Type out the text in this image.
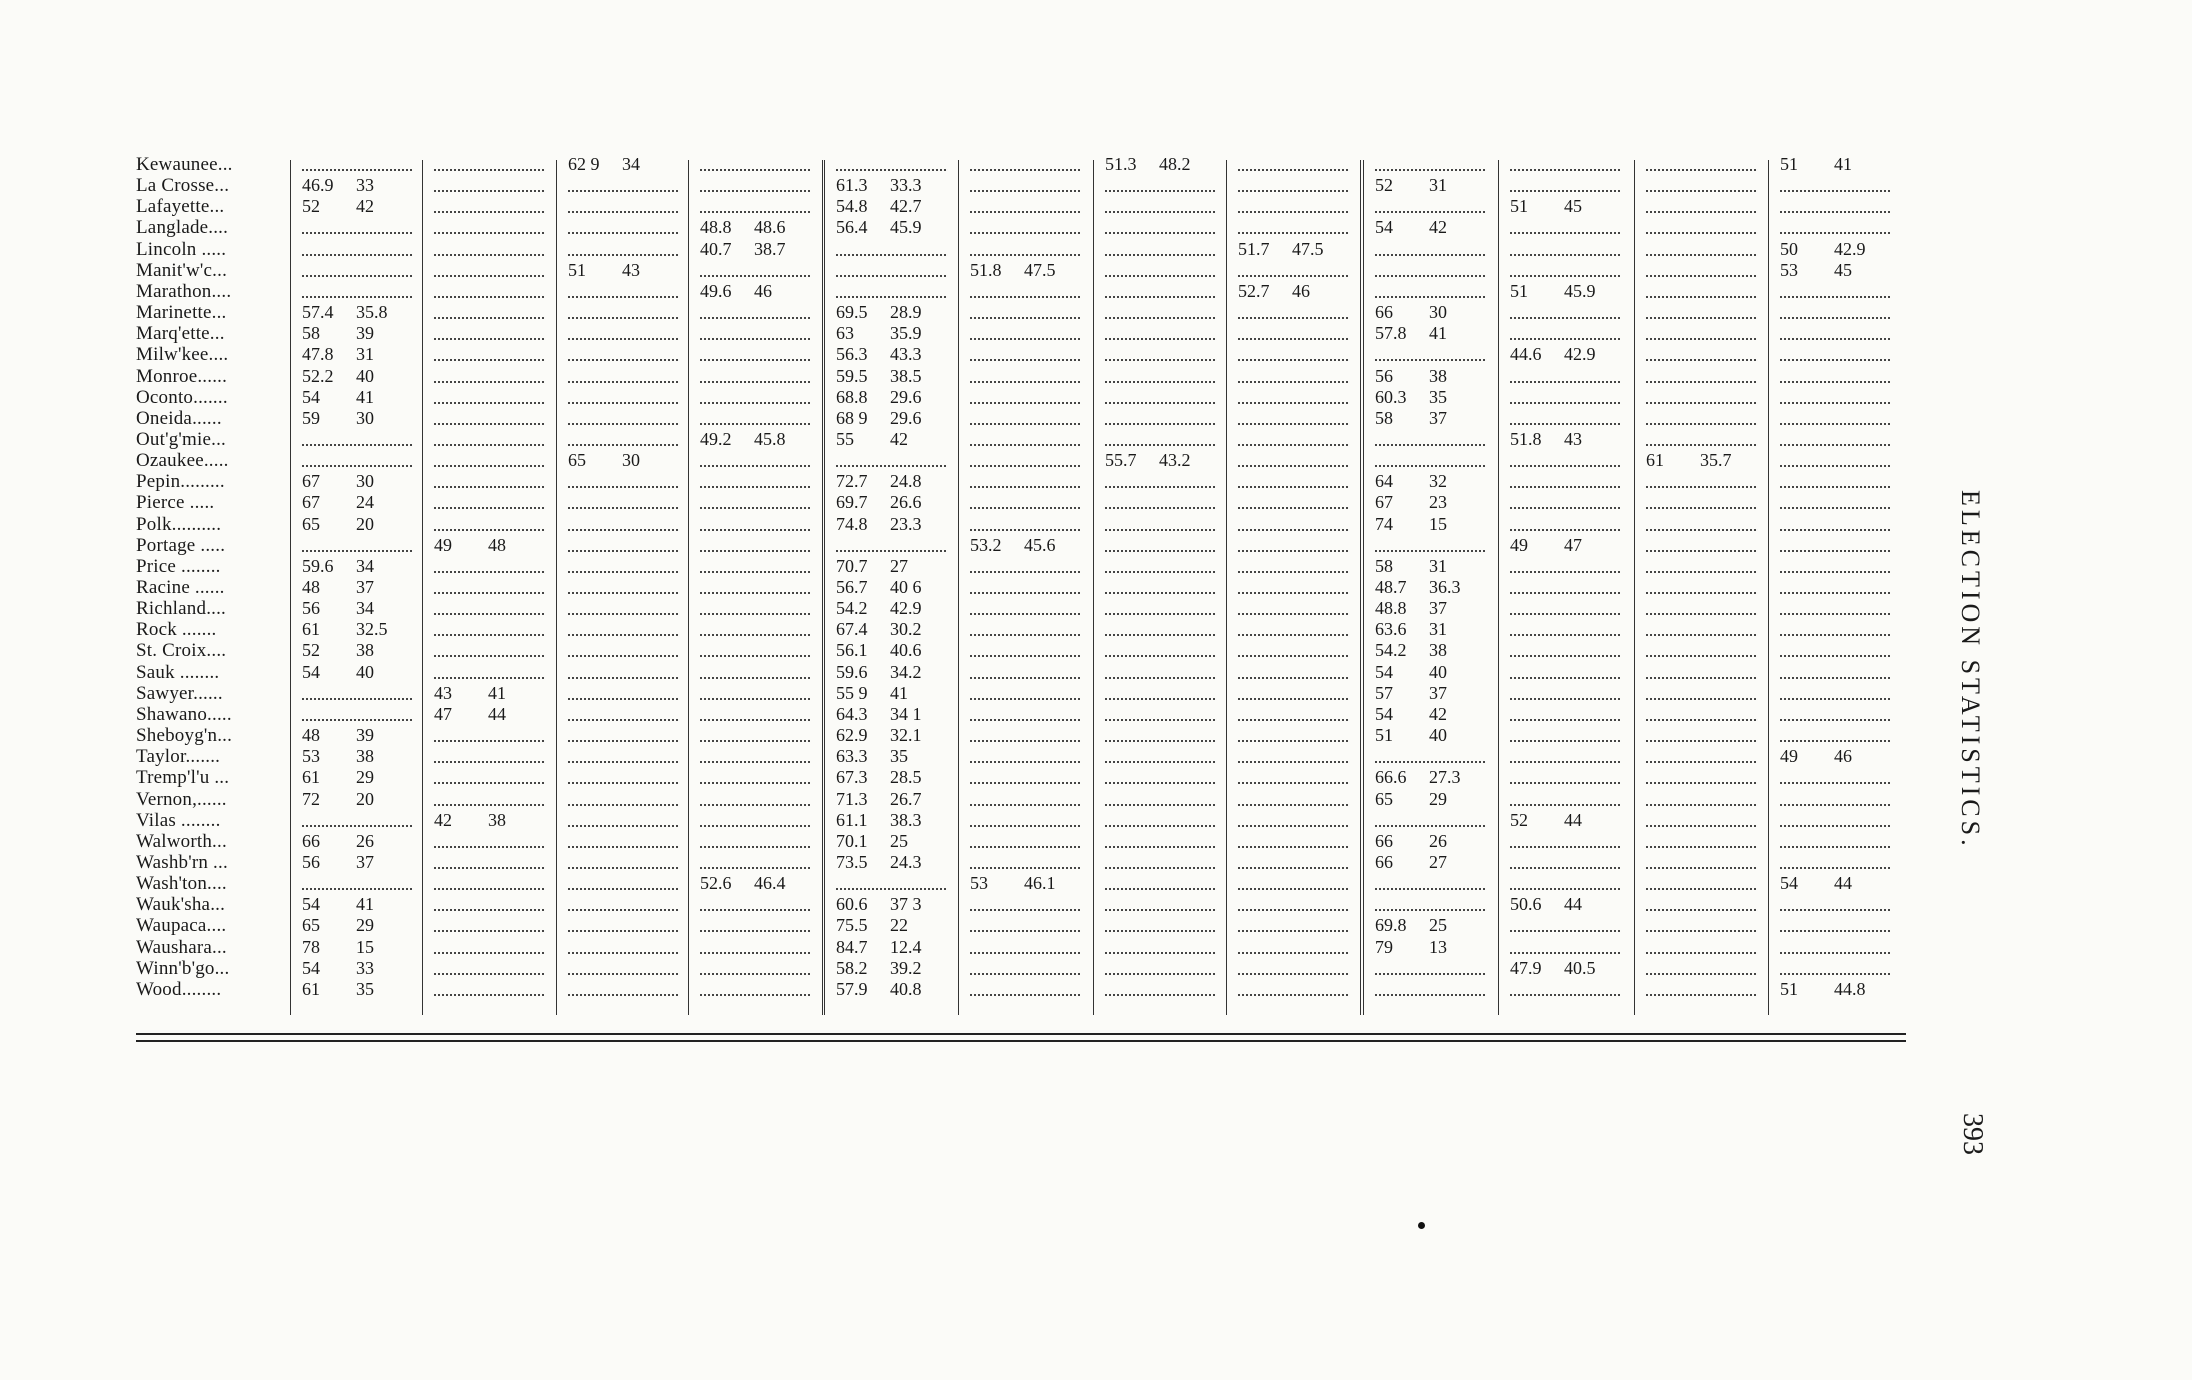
Kewaunee...
La Crosse...
Lafayette...
Langlade....
Lincoln .....
Manit'w'c...
Marathon....
Marinette...
Marq'ette...
Milw'kee....
Monroe......
Oconto.......
Oneida......
Out'g'mie...
Ozaukee.....
Pepin.........
Pierce .....
Polk..........
Portage .....
Price ........
Racine ......
Richland....
Rock .......
St. Croix....
Sauk ........
Sawyer......
Shawano.....
Sheboyg'n...
Taylor.......
Tremp'l'u ...
Vernon,......
Vilas ........
Walworth...
Washb'rn ...
Wash'ton....
Wauk'sha...
Waupaca....
Waushara...
Winn'b'go...
Wood........
62 9 34	51.3 48.2	51 41
46.9 33
52 42
57.4 35.8
58 39
47.8 31
52.2 40
54 41
59 30
67 30
67 24
65 20
59.6 34
48 37
56 34
61 32.5
52 38
54 40
48 39
53 38
61 29
72 20
66 26
56 37
54 41
65 29
78 15
54 33
61 35
49 48
43 41
47 44
42 38
51 43
65 30
48.8 48.6
40.7 38.7
49.6 46
49.2 45.8
52.6 46.4
61.3 33.3
54.8 42.7
56.4 45.9
69.5 28.9
63 35.9
56.3 43.3
59.5 38.5
68.8 29.6
68 9 29.6
55 42
72.7 24.8
69.7 26.6
74.8 23.3
70.7 27
56.7 40 6
54.2 42.9
67.4 30.2
56.1 40.6
59.6 34.2
55 9 41
64.3 34 1
62.9 32.1
63.3 35
67.3 28.5
71.3 26.7
61.1 38.3
70.1 25
73.5 24.3
60.6 37 3
75.5 22
84.7 12.4
58.2 39.2
57.9 40.8
51.8 47.5
53.2 45.6
53 46.1
55.7 43.2
51.7 47.5
52.7 46
52 31
54 42
66 30
57.8 41
56 38
60.3 35
58 37
64 32
67 23
74 15
58 31
48.7 36.3
48.8 37
63.6 31
54.2 38
54 40
57 37
54 42
51 40
66.6 27.3
65 29
66 26
66 27
69.8 25
79 13
51 45
51 45.9
44.6 42.9
51.8 43
49 47
52 44
50.6 44
47.9 40.5
61 35.7
50 42.9
53 45
49 46
54 44
51 44.8
ELECTION STATISTICS.
393
